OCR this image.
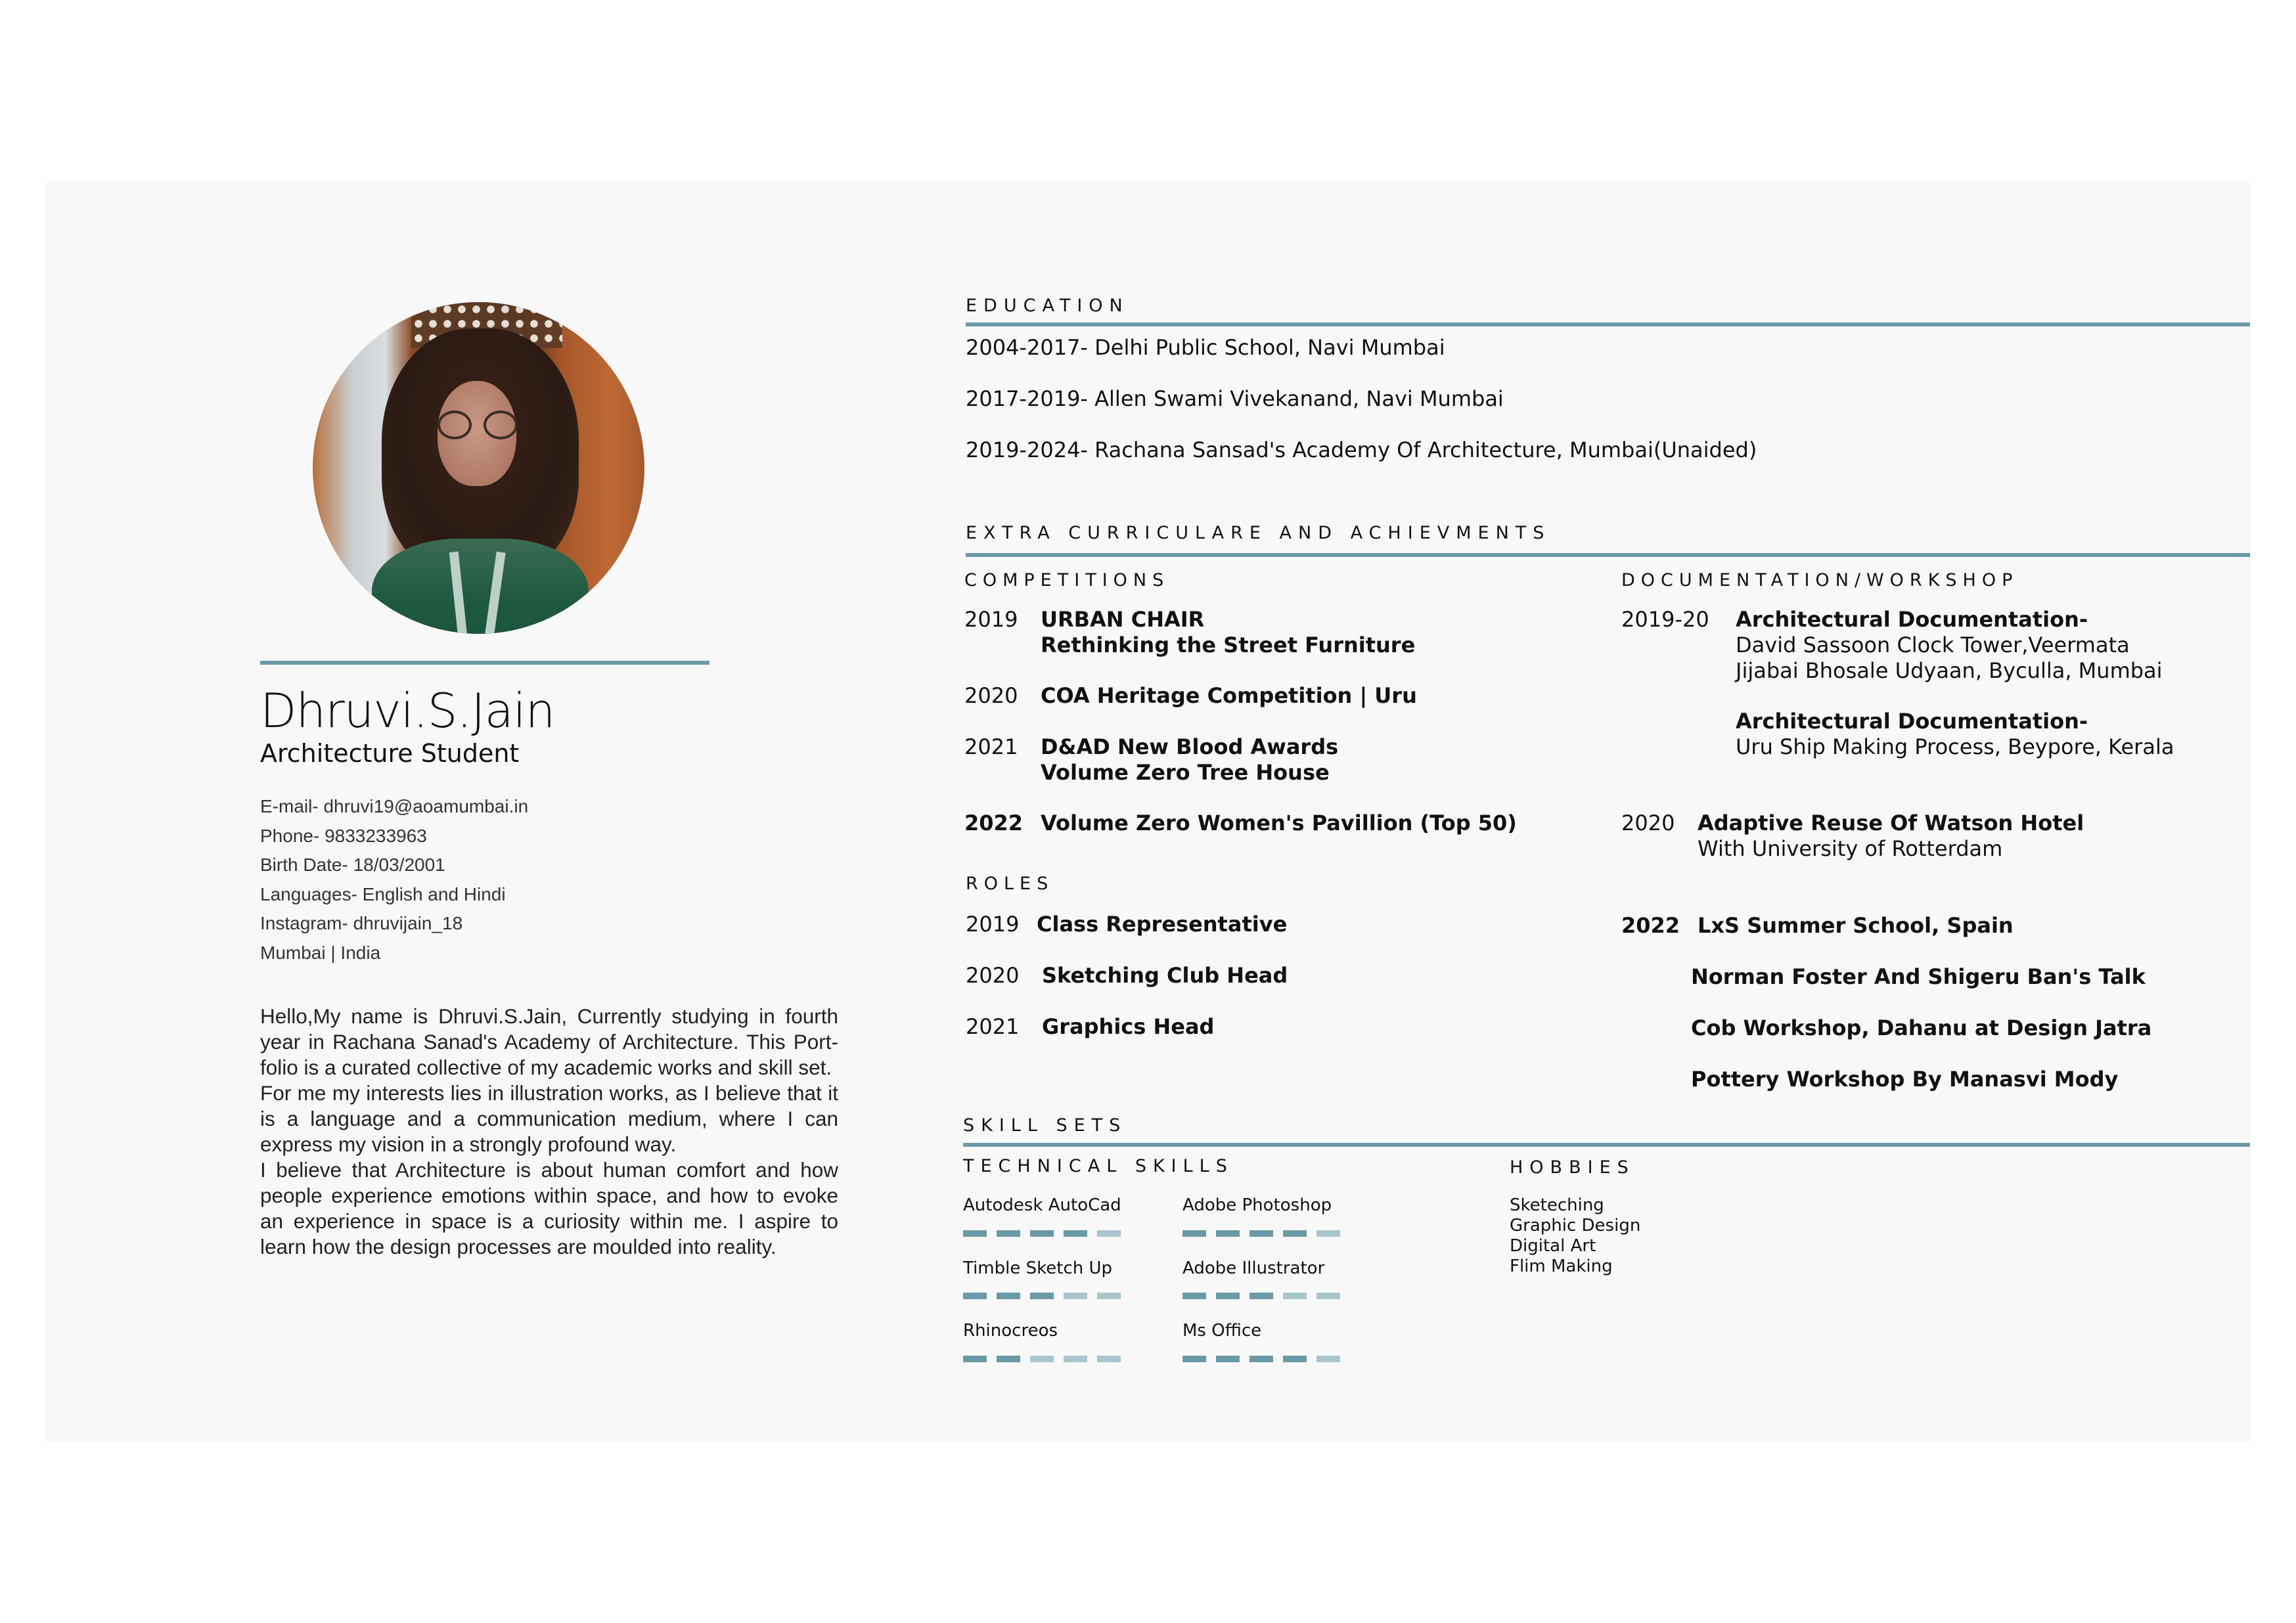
Dhruvi.S.Jain
Architecture Student
E-mail- dhruvi19@aoamumbai.in
Phone- 9833233963
Birth Date- 18/03/2001
Languages- English and Hindi
Instagram- dhruvijain_18
Mumbai | India

Hello,My name is Dhruvi.S.Jain, Currently studying in fourth year in Rachana Sanad's Academy of Architecture. This Port-folio is a curated collective of my academic works and skill set.

For me my interests lies in illustration works, as I believe that it is a language and a communication medium, where I can express my vision in a strongly profound way.

I believe that Architecture is about human comfort and how people experience emotions within space, and how to evoke an experience in space is a curiosity within me. I aspire to learn how the design processes are moulded into reality.

EDUCATION
2004-2017- Delhi Public School, Navi Mumbai
2017-2019- Allen Swami Vivekanand, Navi Mumbai
2019-2024- Rachana Sansad's Academy Of Architecture, Mumbai(Unaided)
EXTRA CURRICULARE AND ACHIEVMENTS
COMPETITIONS
2019 URBAN CHAIR
Rethinking the Street Furniture
2020 COA Heritage Competition | Uru
2021 D&AD New Blood Awards
Volume Zero Tree House
2022 Volume Zero Women's Pavillion (Top 50)
ROLES
2019 Class Representative
2020 Sketching Club Head
2021 Graphics Head
DOCUMENTATION/WORKSHOP
2019-20 Architectural Documentation-
David Sassoon Clock Tower,Veermata
Jijabai Bhosale Udyaan, Byculla, Mumbai
Architectural Documentation-
Uru Ship Making Process, Beypore, Kerala
2020 Adaptive Reuse Of Watson Hotel
With University of Rotterdam
2022 LxS Summer School, Spain
Norman Foster And Shigeru Ban's Talk
Cob Workshop, Dahanu at Design Jatra
Pottery Workshop By Manasvi Mody
SKILL SETS
TECHNICAL SKILLS
Autodesk AutoCad	Adobe Photoshop
Timble Sketch Up	Adobe Illustrator
Rhinocreos	Ms Office
HOBBIES
Sketeching
Graphic Design
Digital Art
Flim Making
